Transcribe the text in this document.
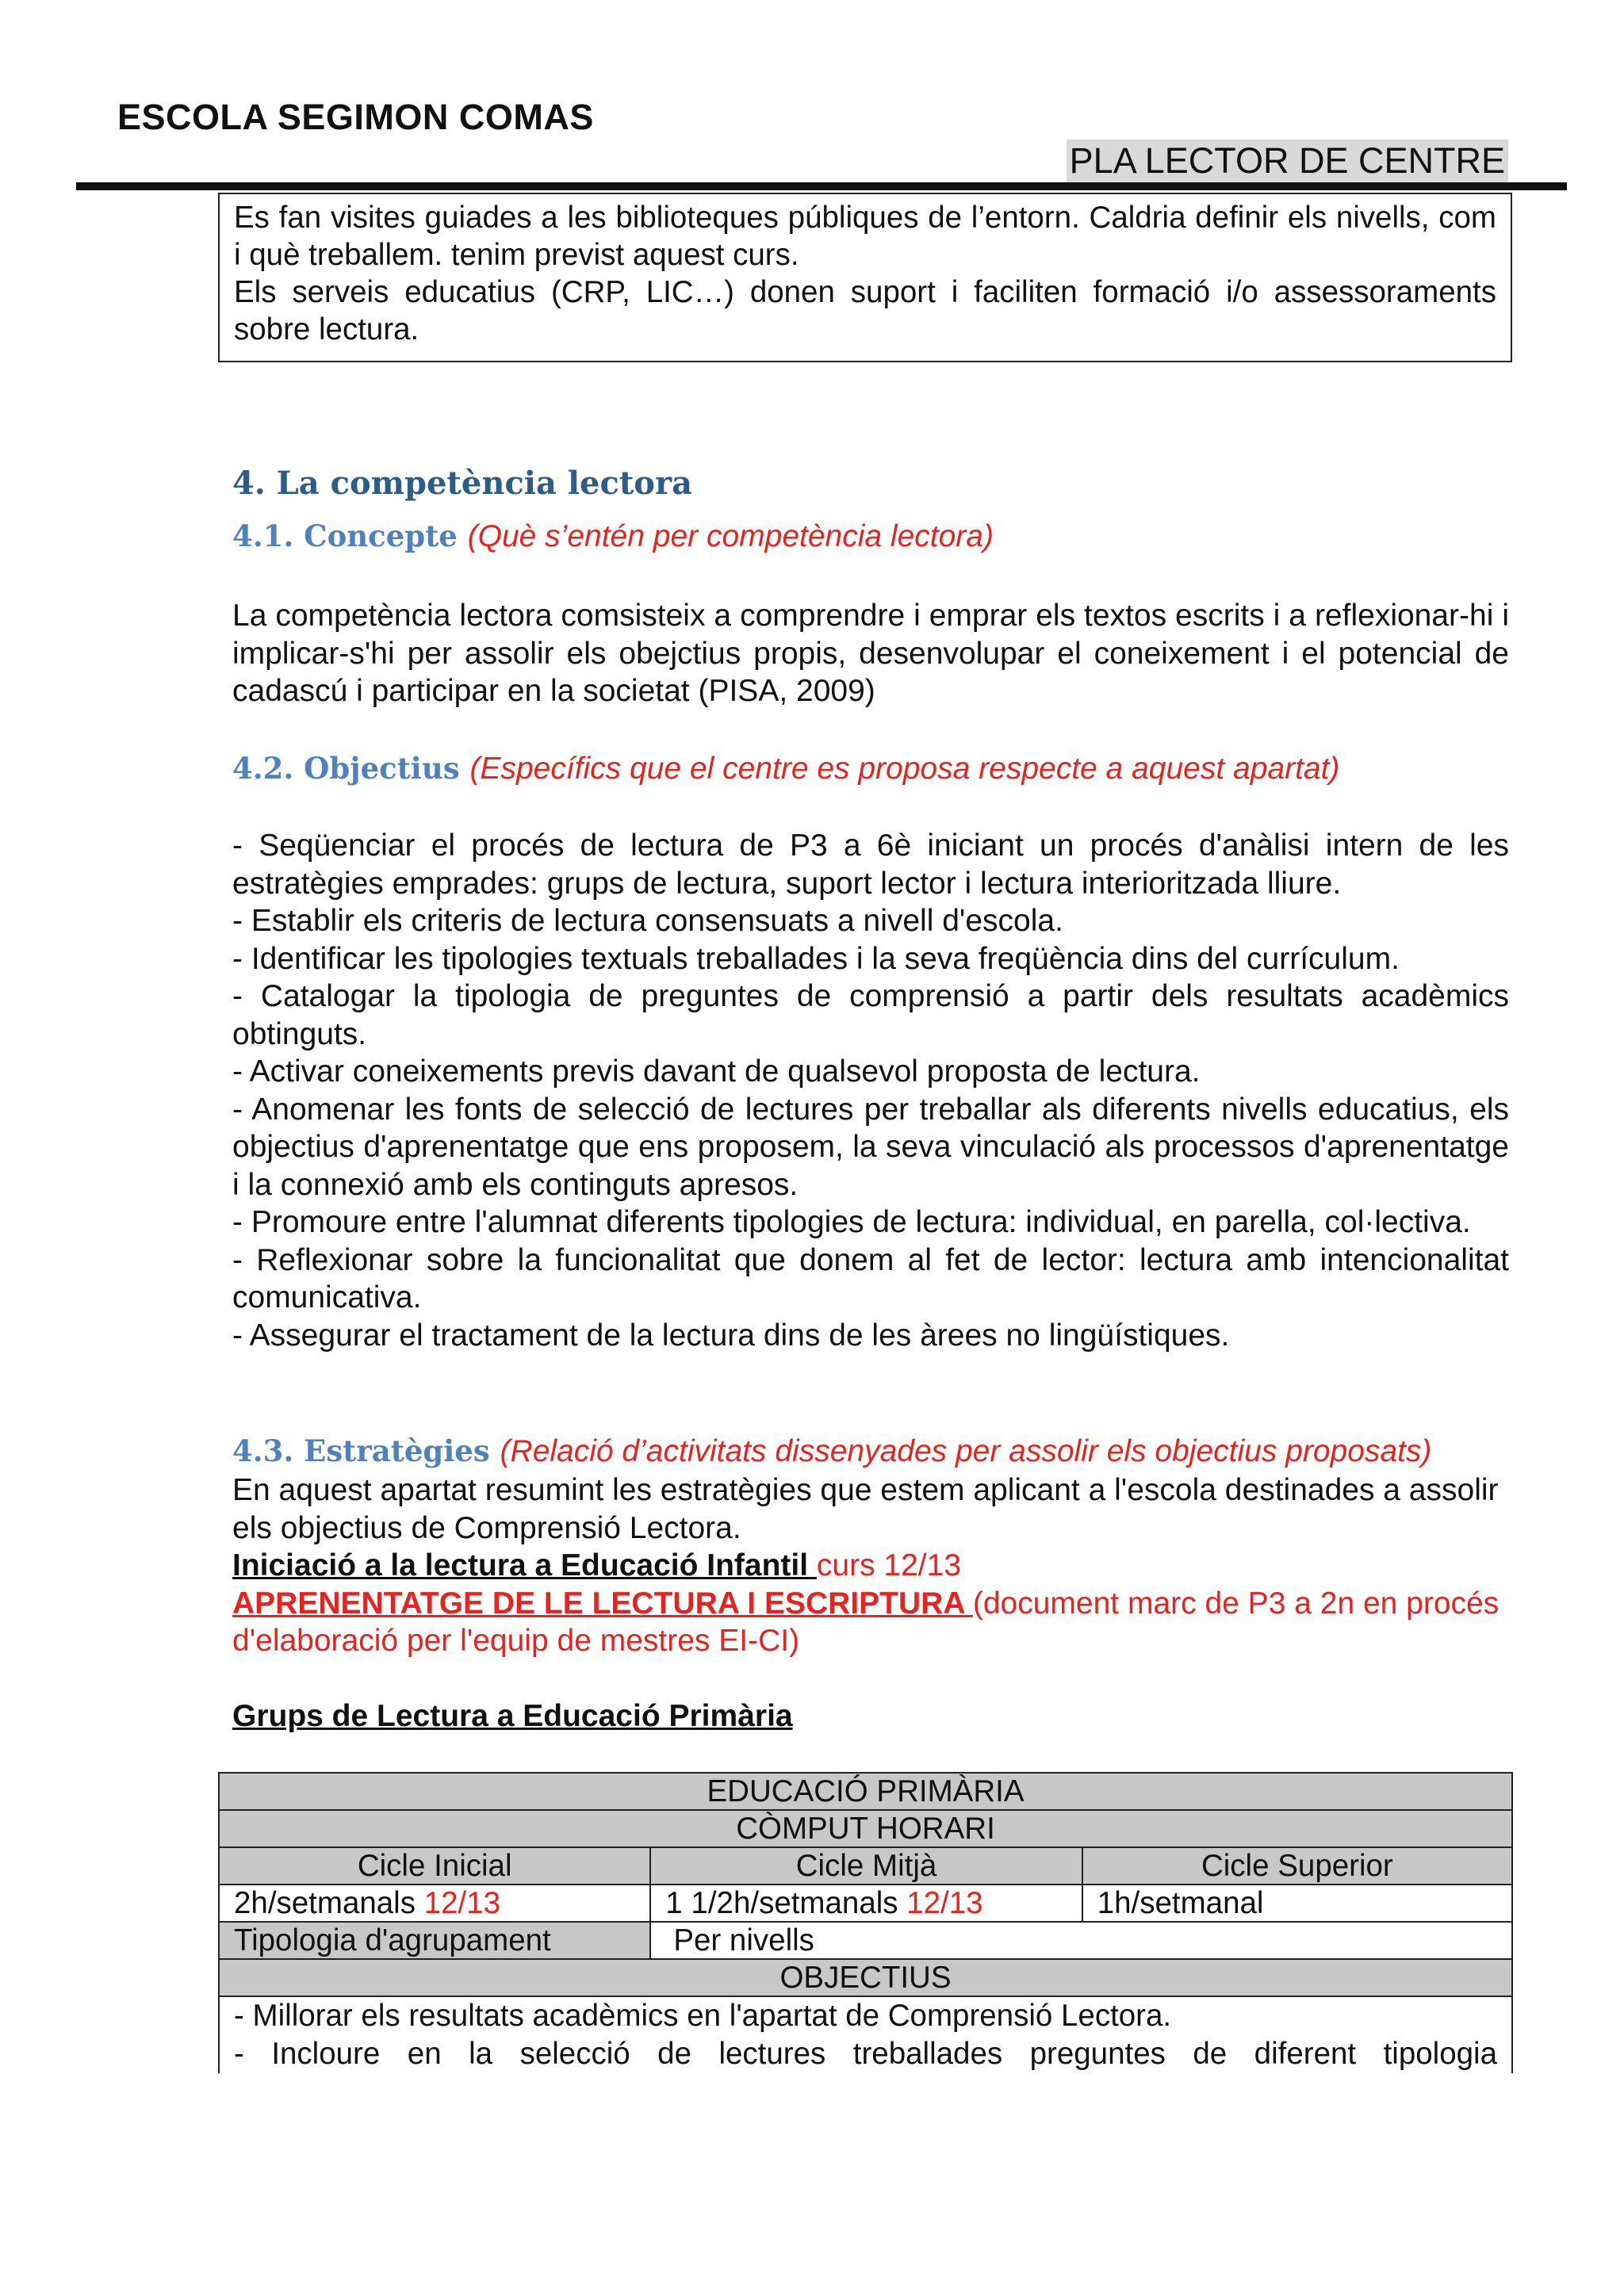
ESCOLA SEGIMON COMAS
PLA LECTOR DE CENTRE

Es fan visites guiades a les biblioteques públiques de l’entorn. Caldria definir els nivells, com i què treballem. tenim previst aquest curs.

Els serveis educatius (CRP, LIC…) donen suport i faciliten formació i/o assessoraments sobre lectura.

4. La competència lectora
4.1. Concepte (Què s’entén per competència lectora)

La competència lectora comsisteix a comprendre i emprar els textos escrits i a reflexionar-hi i implicar-s'hi per assolir els obejctius propis, desenvolupar el coneixement i el potencial de cadascú i participar en la societat (PISA, 2009)

4.2. Objectius (Específics que el centre es proposa respecte a aquest apartat)

- Seqüenciar el procés de lectura de P3 a 6è iniciant un procés d'anàlisi intern de les estratègies emprades: grups de lectura, suport lector i lectura interioritzada lliure.

- Establir els criteris de lectura consensuats a nivell d'escola.

- Identificar les tipologies textuals treballades i la seva freqüència dins del currículum.

- Catalogar la tipologia de preguntes de comprensió a partir dels resultats acadèmics obtinguts.

- Activar coneixements previs davant de qualsevol proposta de lectura.

- Anomenar les fonts de selecció de lectures per treballar als diferents nivells educatius, els objectius d'aprenentatge que ens proposem, la seva vinculació als processos d'aprenentatge i la connexió amb els continguts apresos.

- Promoure entre l'alumnat diferents tipologies de lectura: individual, en parella, col·lectiva.

- Reflexionar sobre la funcionalitat que donem al fet de lector: lectura amb intencionalitat comunicativa.

- Assegurar el tractament de la lectura dins de les àrees no lingüístiques.

4.3. Estratègies (Relació d’activitats dissenyades per assolir els objectius proposats)

En aquest apartat resumint les estratègies que estem aplicant a l'escola destinades a assolir els objectius de Comprensió Lectora.

Iniciació a la lectura a Educació Infantil curs 12/13

APRENENTATGE DE LE LECTURA I ESCRIPTURA (document marc de P3 a 2n en procés d'elaboració per l'equip de mestres EI-CI)

Grups de Lectura a Educació Primària

EDUCACIÓ PRIMÀRIA		
CÒMPUT HORARI		
Cicle Inicial	Cicle Mitjà	Cicle Superior
2h/setmanals 12/13	1 1/2h/setmanals 12/13	1h/setmanal
Tipologia d'agrupament	Per nivells	
OBJECTIUS		

- Millorar els resultats acadèmics en l'apartat de Comprensió Lectora.
- Incloure en la selecció de lectures treballades preguntes de diferent tipologia		
